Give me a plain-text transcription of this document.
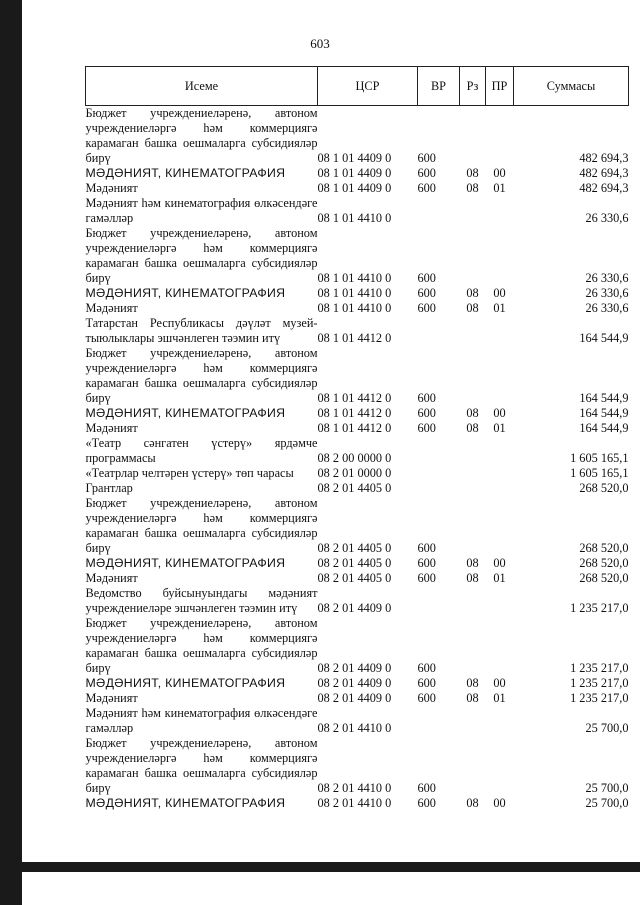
603
Исеме	ЦСР	ВР	Рз	ПР	Суммасы
Бюджет учреждениеләренә, автоном учреждениеләргә һәм коммерциягә карамаган башка оешмаларга субсидияләр бирү	08 1 01 4409 0	600			482 694,3
МӘДӘНИЯТ, КИНЕМАТОГРАФИЯ	08 1 01 4409 0	600	08	00	482 694,3
Мәдәният	08 1 01 4409 0	600	08	01	482 694,3
Мәдәният һәм кинематография өлкәсендәге гамәлләр	08 1 01 4410 0				26 330,6
Бюджет учреждениеләренә, автоном учреждениеләргә һәм коммерциягә карамаган башка оешмаларга субсидияләр бирү	08 1 01 4410 0	600			26 330,6
МӘДӘНИЯТ, КИНЕМАТОГРАФИЯ	08 1 01 4410 0	600	08	00	26 330,6
Мәдәният	08 1 01 4410 0	600	08	01	26 330,6
Татарстан Республикасы дәүләт музей-тыюлыклары эшчәнлеген тәэмин итү	08 1 01 4412 0				164 544,9
Бюджет учреждениеләренә, автоном учреждениеләргә һәм коммерциягә карамаган башка оешмаларга субсидияләр бирү	08 1 01 4412 0	600			164 544,9
МӘДӘНИЯТ, КИНЕМАТОГРАФИЯ	08 1 01 4412 0	600	08	00	164 544,9
Мәдәният	08 1 01 4412 0	600	08	01	164 544,9
«Театр сәнгатен үстерү» ярдәмче программасы	08 2 00 0000 0				1 605 165,1
«Театрлар челтәрен үстерү» төп чарасы	08 2 01 0000 0				1 605 165,1
Грантлар	08 2 01 4405 0				268 520,0
Бюджет учреждениеләренә, автоном учреждениеләргә һәм коммерциягә карамаган башка оешмаларга субсидияләр бирү	08 2 01 4405 0	600			268 520,0
МӘДӘНИЯТ, КИНЕМАТОГРАФИЯ	08 2 01 4405 0	600	08	00	268 520,0
Мәдәният	08 2 01 4405 0	600	08	01	268 520,0
Ведомство буйсынуындагы мәдәният учреждениеләре эшчәнлеген тәэмин итү	08 2 01 4409 0				1 235 217,0
Бюджет учреждениеләренә, автоном учреждениеләргә һәм коммерциягә карамаган башка оешмаларга субсидияләр бирү	08 2 01 4409 0	600			1 235 217,0
МӘДӘНИЯТ, КИНЕМАТОГРАФИЯ	08 2 01 4409 0	600	08	00	1 235 217,0
Мәдәният	08 2 01 4409 0	600	08	01	1 235 217,0
Мәдәният һәм кинематография өлкәсендәге гамәлләр	08 2 01 4410 0				25 700,0
Бюджет учреждениеләренә, автоном учреждениеләргә һәм коммерциягә карамаган башка оешмаларга субсидияләр бирү	08 2 01 4410 0	600			25 700,0
МӘДӘНИЯТ, КИНЕМАТОГРАФИЯ	08 2 01 4410 0	600	08	00	25 700,0
